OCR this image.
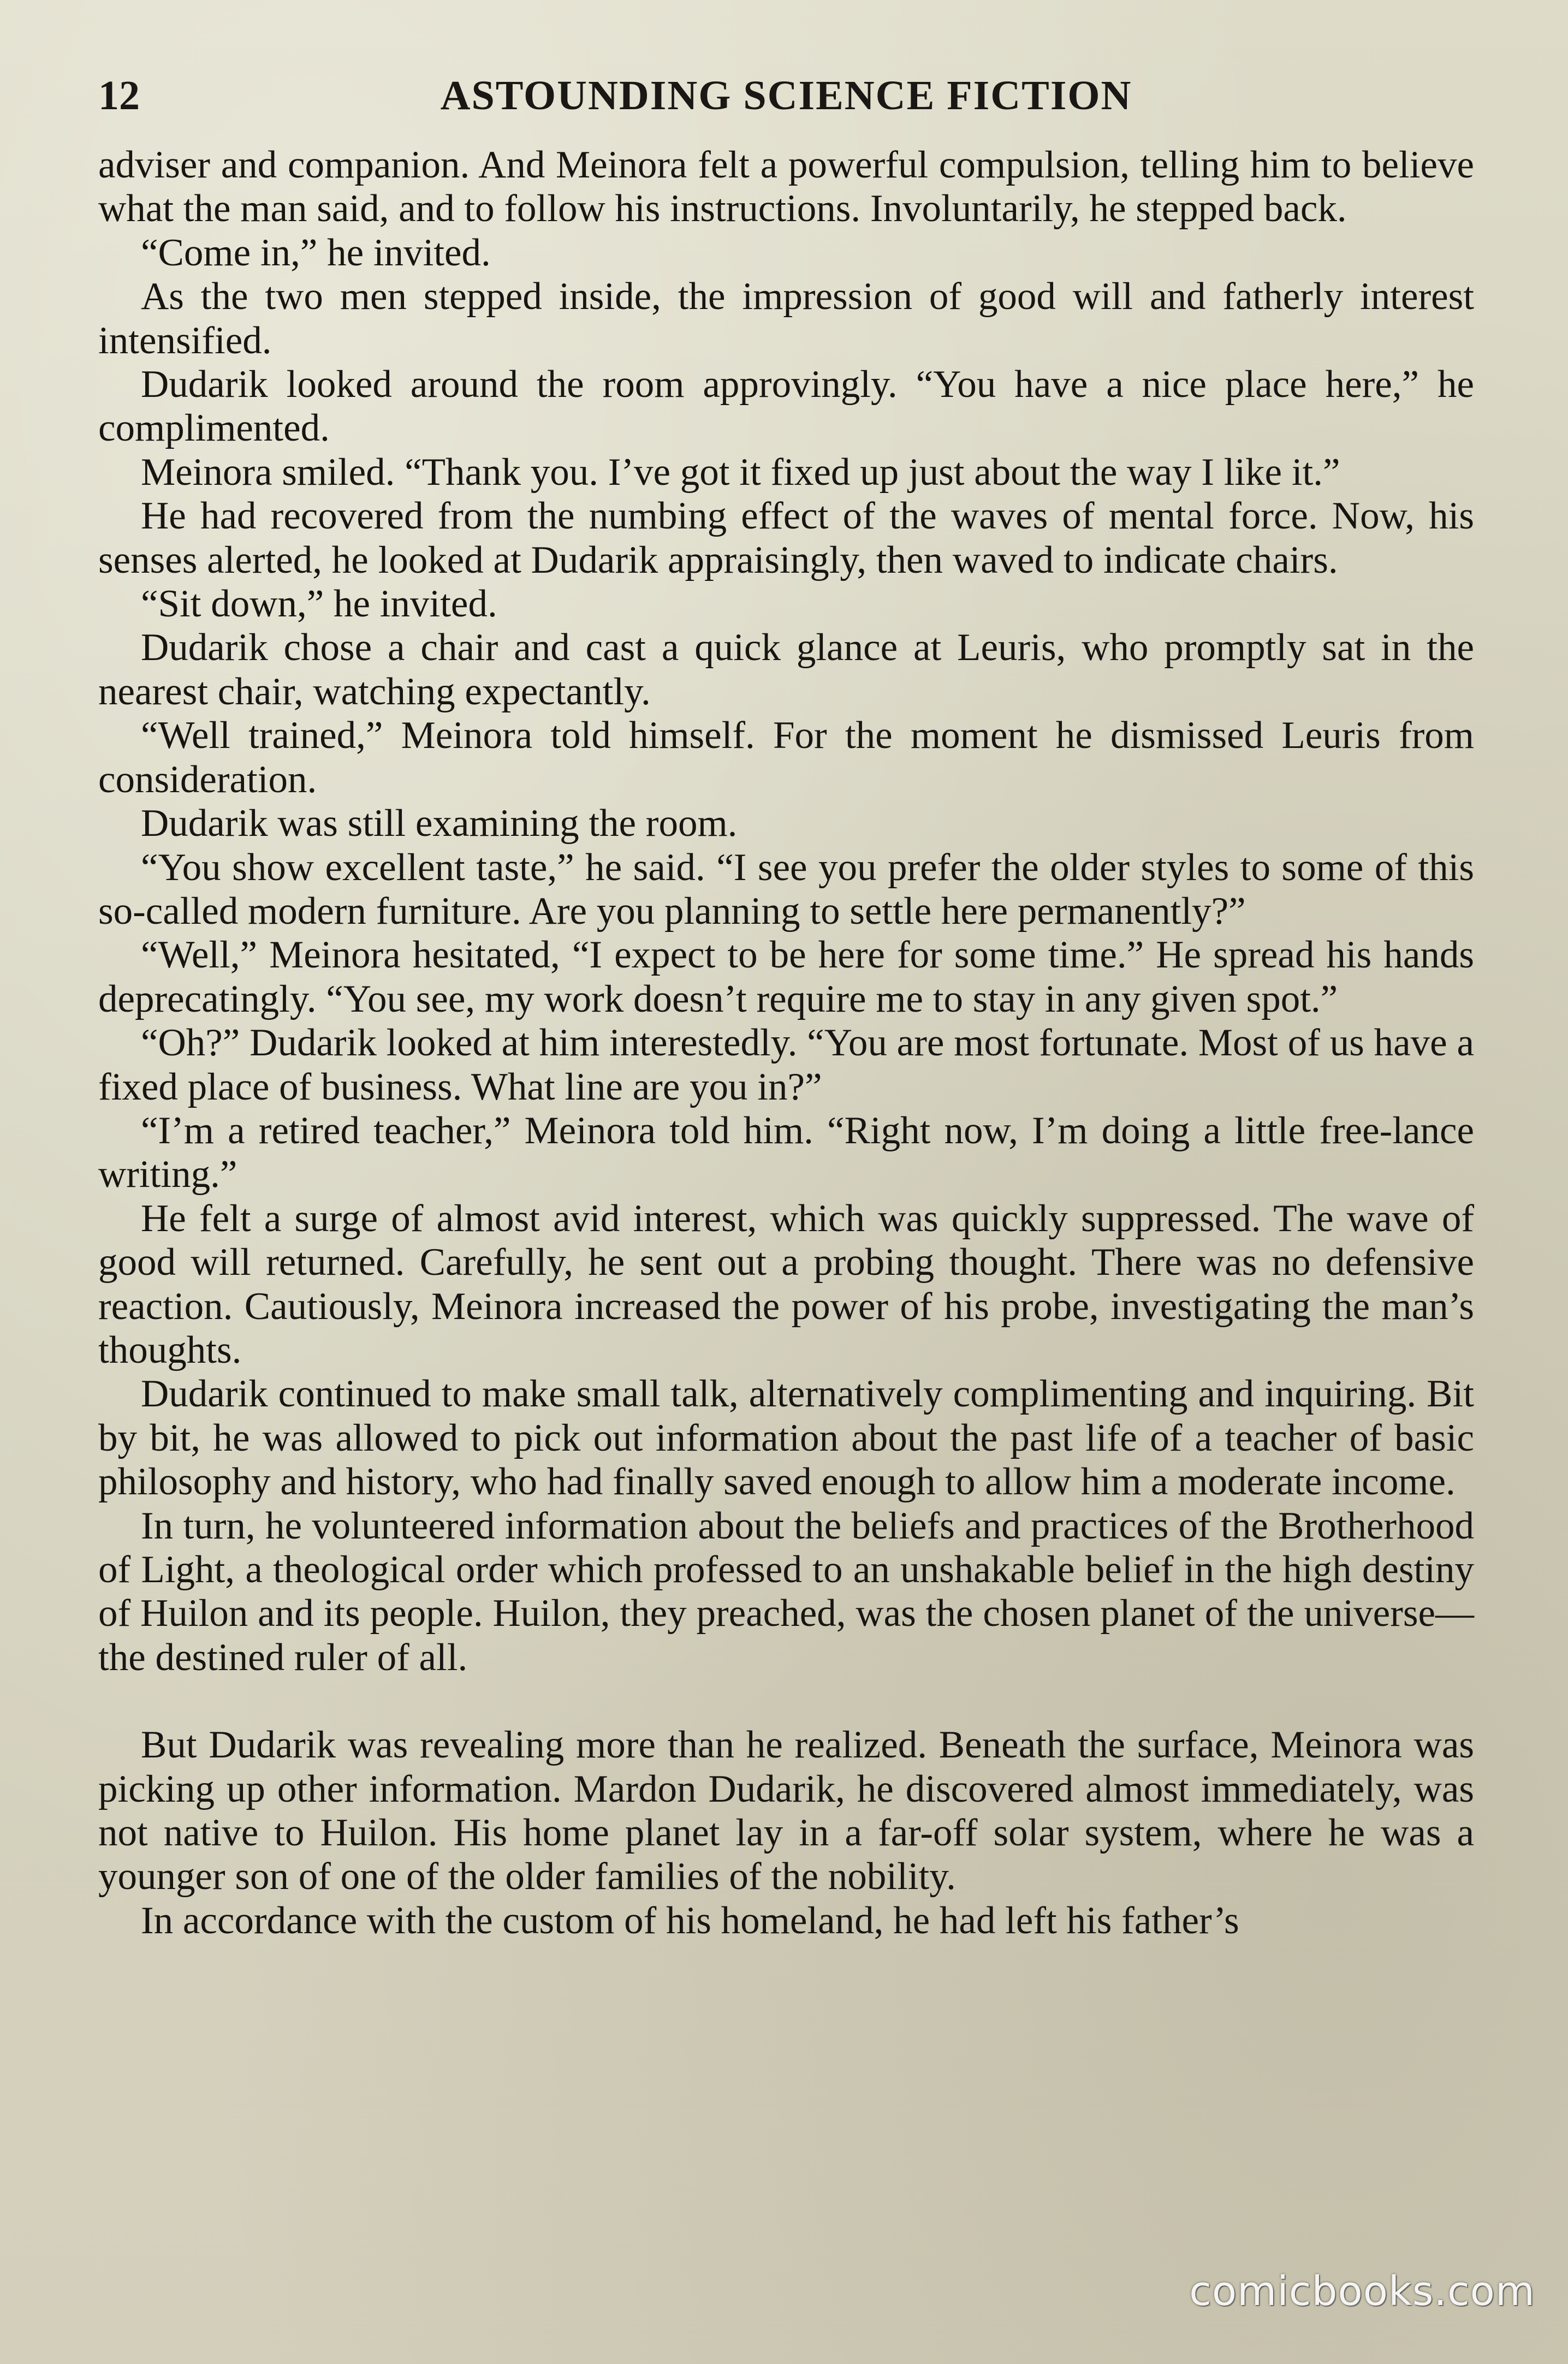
12	ASTOUNDING SCIENCE FICTION

adviser and companion. And Meinora felt a powerful compulsion, telling him to believe what the man said, and to follow his instructions. Involuntarily, he stepped back.

“Come in,” he invited.

As the two men stepped inside, the impression of good will and fatherly interest intensified.

Dudarik looked around the room approvingly. “You have a nice place here,” he complimented.

Meinora smiled. “Thank you. I’ve got it fixed up just about the way I like it.”

He had recovered from the numbing effect of the waves of mental force. Now, his senses alerted, he looked at Dudarik appraisingly, then waved to indicate chairs.

“Sit down,” he invited.

Dudarik chose a chair and cast a quick glance at Leuris, who promptly sat in the nearest chair, watching expectantly.

“Well trained,” Meinora told himself. For the moment he dismissed Leuris from consideration.

Dudarik was still examining the room.

“You show excellent taste,” he said. “I see you prefer the older styles to some of this so-called modern furniture. Are you planning to settle here permanently?”

“Well,” Meinora hesitated, “I expect to be here for some time.” He spread his hands deprecatingly. “You see, my work doesn’t require me to stay in any given spot.”

“Oh?” Dudarik looked at him interestedly. “You are most fortunate. Most of us have a fixed place of business. What line are you in?”

“I’m a retired teacher,” Meinora told him. “Right now, I’m doing a little free-lance writing.”

He felt a surge of almost avid interest, which was quickly suppressed. The wave of good will returned. Carefully, he sent out a probing thought. There was no defensive reaction. Cautiously, Meinora increased the power of his probe, investigating the man’s thoughts.

Dudarik continued to make small talk, alternatively complimenting and inquiring. Bit by bit, he was allowed to pick out information about the past life of a teacher of basic philosophy and history, who had finally saved enough to allow him a moderate income.

In turn, he volunteered information about the beliefs and practices of the Brotherhood of Light, a theological order which professed to an unshakable belief in the high destiny of Huilon and its people. Huilon, they preached, was the chosen planet of the universe—the destined ruler of all.

But Dudarik was revealing more than he realized. Beneath the surface, Meinora was picking up other information. Mardon Dudarik, he discovered almost immediately, was not native to Huilon. His home planet lay in a far-off solar system, where he was a younger son of one of the older families of the nobility.

In accordance with the custom of his homeland, he had left his father’s

comicbooks.com
